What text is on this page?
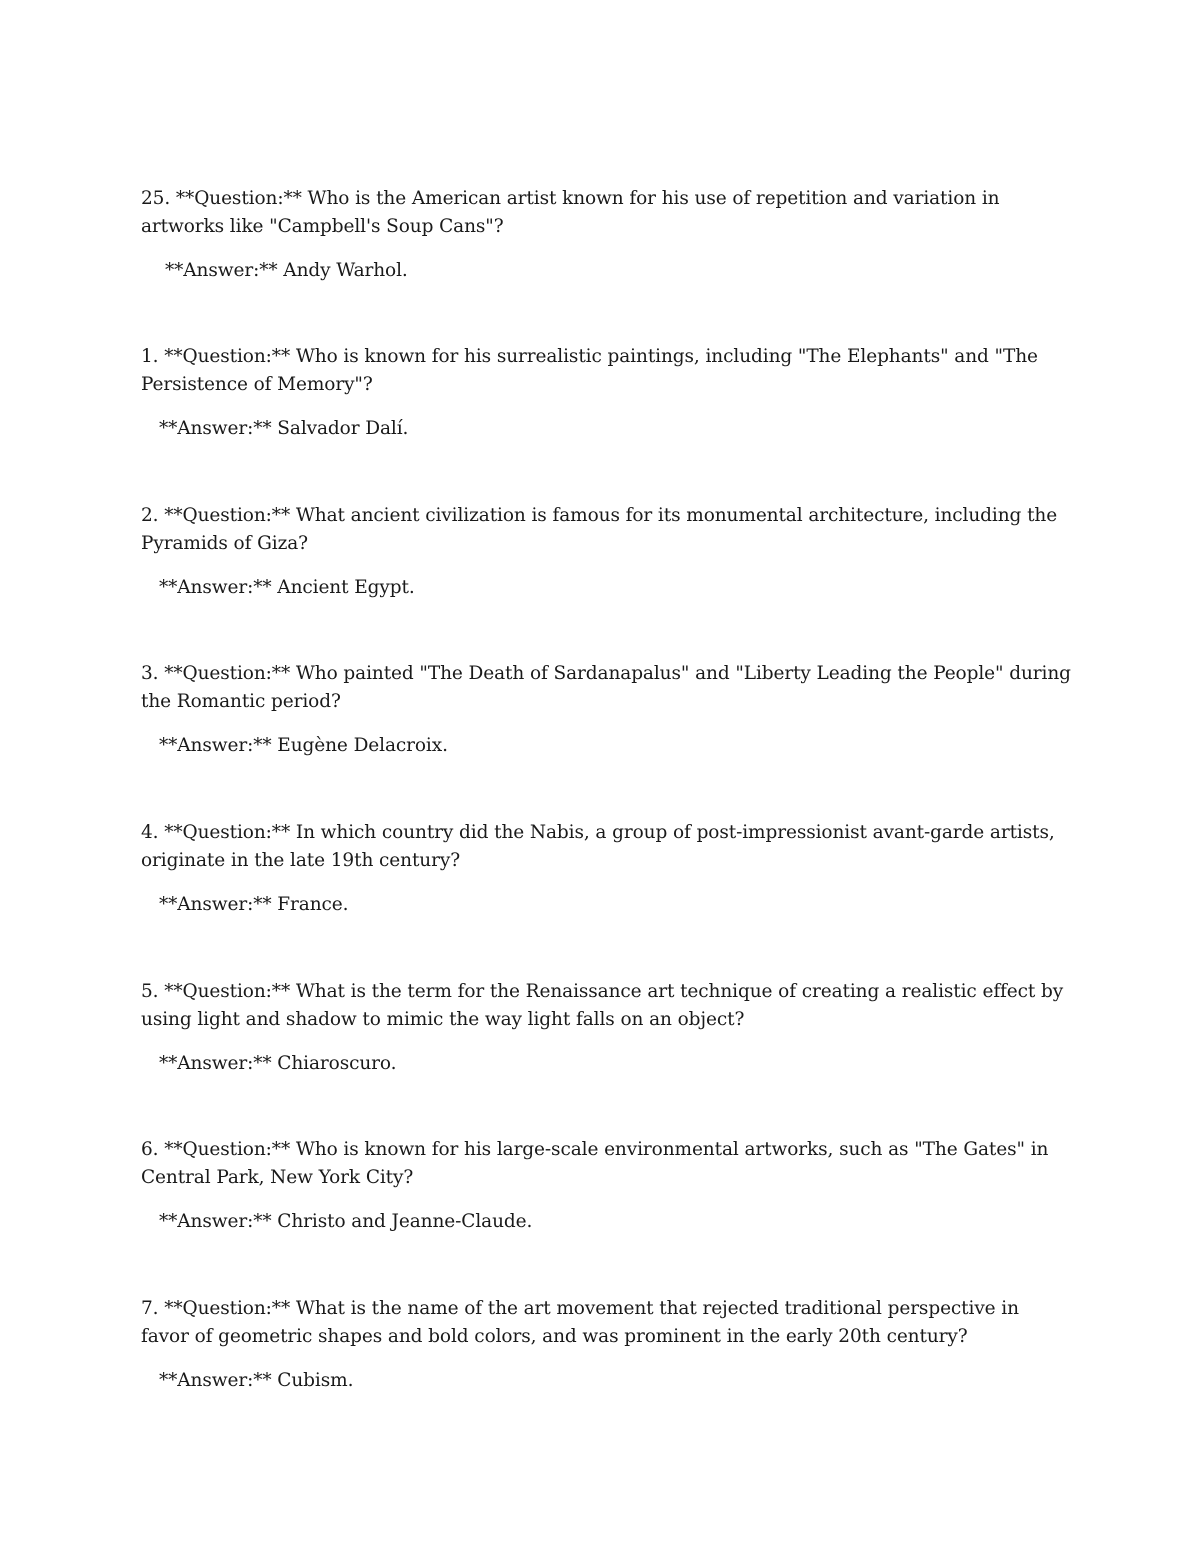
25. **Question:** Who is the American artist known for his use of repetition and variation in artworks like "Campbell's Soup Cans"?

**Answer:** Andy Warhol.

1. **Question:** Who is known for his surrealistic paintings, including "The Elephants" and "The Persistence of Memory"?

**Answer:** Salvador Dalí.

2. **Question:** What ancient civilization is famous for its monumental architecture, including the Pyramids of Giza?

**Answer:** Ancient Egypt.

3. **Question:** Who painted "The Death of Sardanapalus" and "Liberty Leading the People" during the Romantic period?

**Answer:** Eugène Delacroix.

4. **Question:** In which country did the Nabis, a group of post-impressionist avant-garde artists, originate in the late 19th century?

**Answer:** France.

5. **Question:** What is the term for the Renaissance art technique of creating a realistic effect by using light and shadow to mimic the way light falls on an object?

**Answer:** Chiaroscuro.

6. **Question:** Who is known for his large-scale environmental artworks, such as "The Gates" in Central Park, New York City?

**Answer:** Christo and Jeanne-Claude.

7. **Question:** What is the name of the art movement that rejected traditional perspective in favor of geometric shapes and bold colors, and was prominent in the early 20th century?

**Answer:** Cubism.
